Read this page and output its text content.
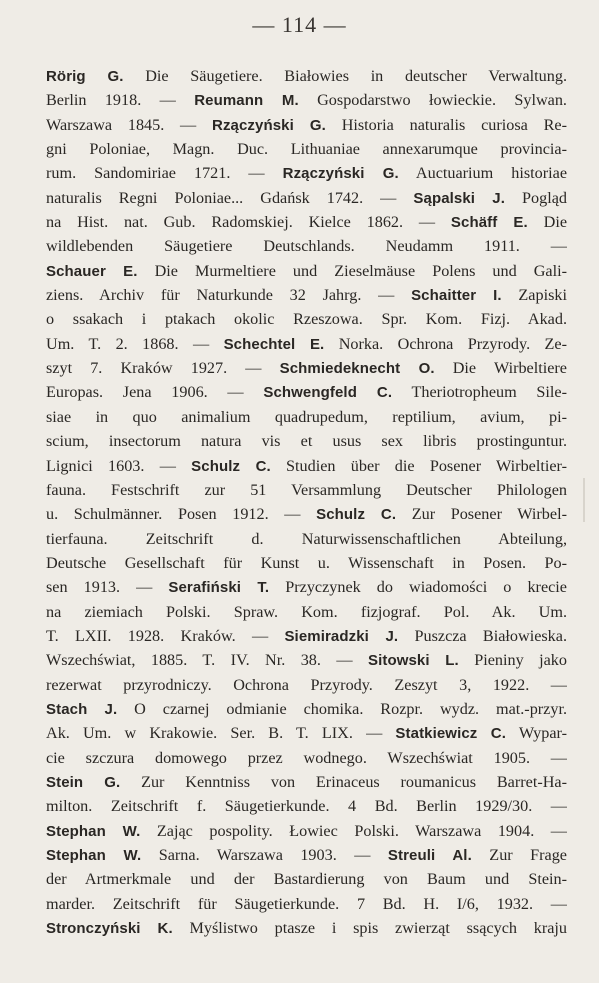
— 114 —
Rörig G. Die Säugetiere. Białowies in deutscher Verwaltung.
Berlin 1918. — Reumann M. Gospodarstwo łowieckie. Sylwan.
Warszawa 1845. — Rzączyński G. Historia naturalis curiosa Re-
gni Poloniae, Magn. Duc. Lithuaniae annexarumque provincia-
rum. Sandomiriae 1721. — Rzączyński G. Auctuarium historiae
naturalis Regni Poloniae... Gdańsk 1742. — Sąpalski J. Pogląd
na Hist. nat. Gub. Radomskiej. Kielce 1862. — Schäff E. Die
wildlebenden Säugetiere Deutschlands. Neudamm 1911. —
Schauer E. Die Murmeltiere und Zieselmäuse Polens und Gali-
ziens. Archiv für Naturkunde 32 Jahrg. — Schaitter I. Zapiski
o ssakach i ptakach okolic Rzeszowa. Spr. Kom. Fizj. Akad.
Um. T. 2. 1868. — Schechtel E. Norka. Ochrona Przyrody. Ze-
szyt 7. Kraków 1927. — Schmiedeknecht O. Die Wirbeltiere
Europas. Jena 1906. — Schwengfeld C. Theriotropheum Sile-
siae in quo animalium quadrupedum, reptilium, avium, pi-
scium, insectorum natura vis et usus sex libris prostinguntur.
Lignici 1603. — Schulz C. Studien über die Posener Wirbeltier-
fauna. Festschrift zur 51 Versammlung Deutscher Philologen
u. Schulmänner. Posen 1912. — Schulz C. Zur Posener Wirbel-
tierfauna. Zeitschrift d. Naturwissenschaftlichen Abteilung,
Deutsche Gesellschaft für Kunst u. Wissenschaft in Posen. Po-
sen 1913. — Serafiński T. Przyczynek do wiadomości o krecie
na ziemiach Polski. Spraw. Kom. fizjograf. Pol. Ak. Um.
T. LXII. 1928. Kraków. — Siemiradzki J. Puszcza Białowieska.
Wszechświat, 1885. T. IV. Nr. 38. — Sitowski L. Pieniny jako
rezerwat przyrodniczy. Ochrona Przyrody. Zeszyt 3, 1922. —
Stach J. O czarnej odmianie chomika. Rozpr. wydz. mat.-przyr.
Ak. Um. w Krakowie. Ser. B. T. LIX. — Statkiewicz C. Wypar-
cie szczura domowego przez wodnego. Wszechświat 1905. —
Stein G. Zur Kenntniss von Erinaceus roumanicus Barret-Ha-
milton. Zeitschrift f. Säugetierkunde. 4 Bd. Berlin 1929/30. —
Stephan W. Zając pospolity. Łowiec Polski. Warszawa 1904. —
Stephan W. Sarna. Warszawa 1903. — Streuli Al. Zur Frage
der Artmerkmale und der Bastardierung von Baum und Stein-
marder. Zeitschrift für Säugetierkunde. 7 Bd. H. I/6, 1932. —
Stronczyński K. Myślistwo ptasze i spis zwierząt ssących kraju
